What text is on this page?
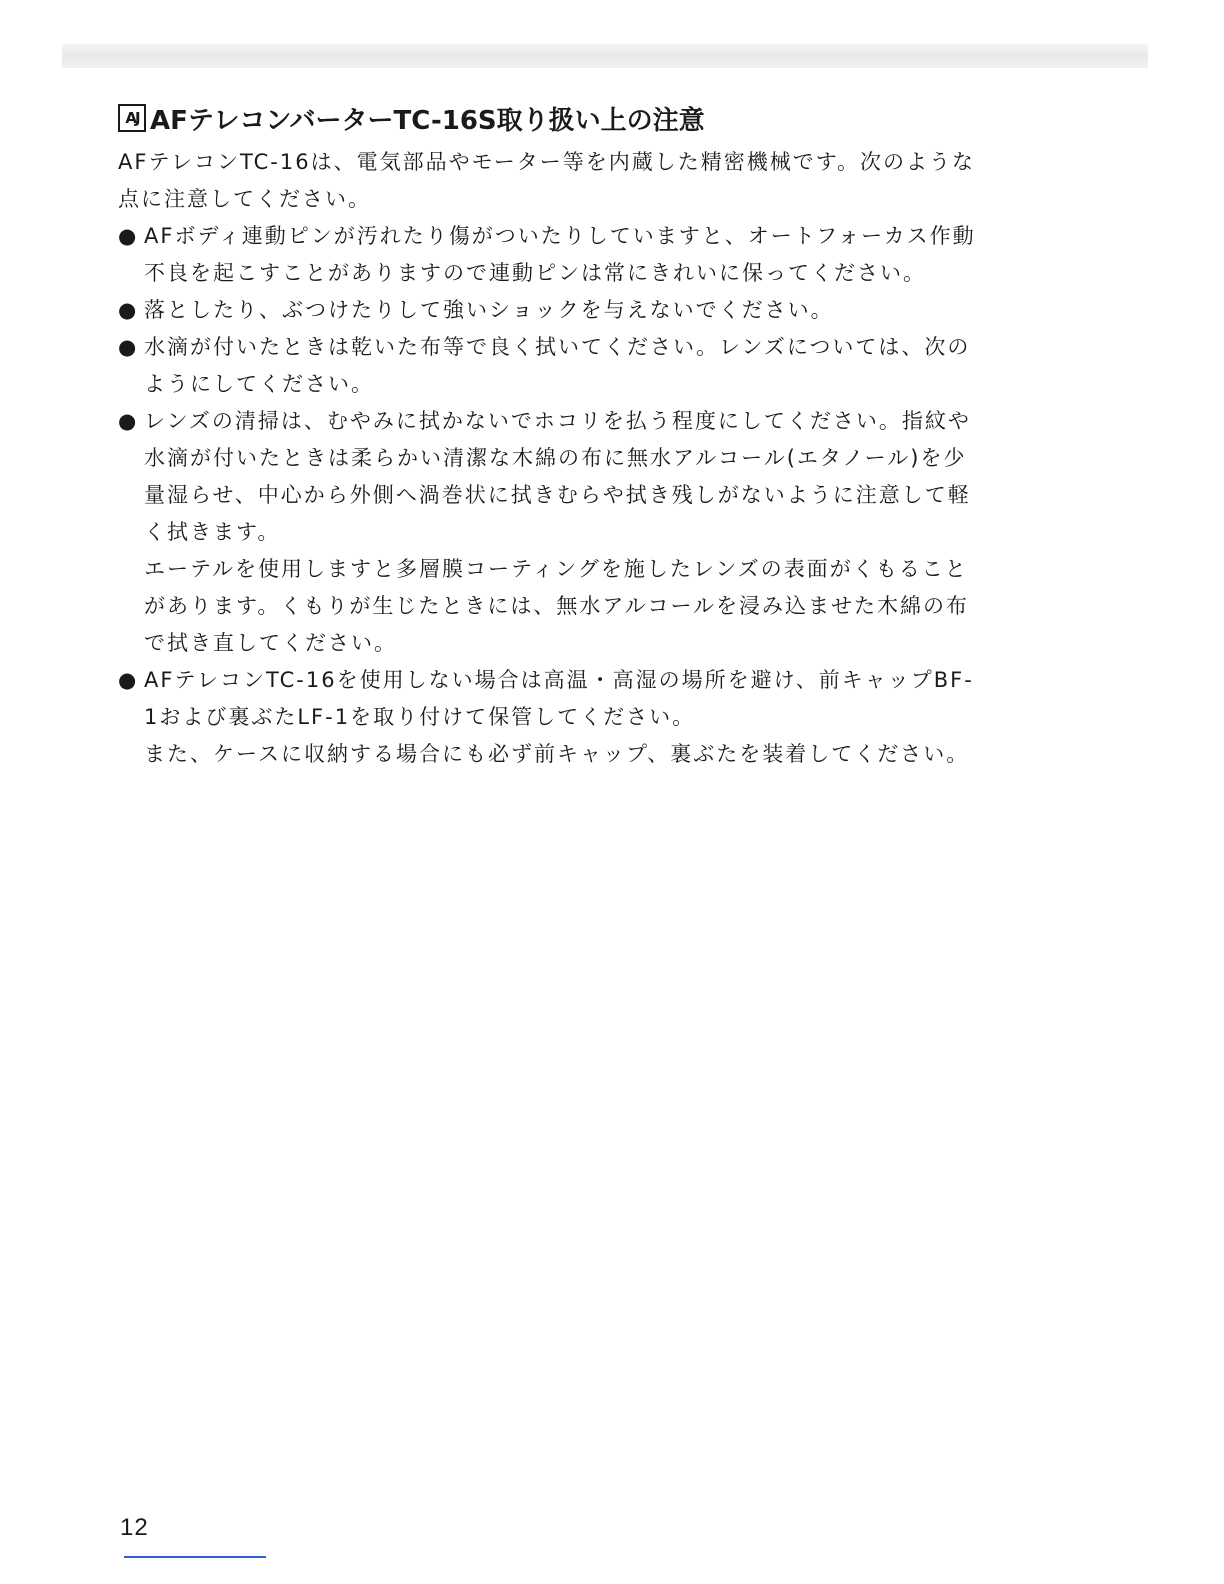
AJ AFテレコンバーターTC-16S取り扱い上の注意

AFテレコンTC-16は、電気部品やモーター等を内蔵した精密機械です。次のような

点に注意してください。

● AFボディ連動ピンが汚れたり傷がついたりしていますと、オートフォーカス作動

不良を起こすことがありますので連動ピンは常にきれいに保ってください。

● 落としたり、ぶつけたりして強いショックを与えないでください。

● 水滴が付いたときは乾いた布等で良く拭いてください。レンズについては、次の

ようにしてください。

● レンズの清掃は、むやみに拭かないでホコリを払う程度にしてください。指紋や

水滴が付いたときは柔らかい清潔な木綿の布に無水アルコール(エタノール)を少

量湿らせ、中心から外側へ渦巻状に拭きむらや拭き残しがないように注意して軽

く拭きます。

エーテルを使用しますと多層膜コーティングを施したレンズの表面がくもること

があります。くもりが生じたときには、無水アルコールを浸み込ませた木綿の布

で拭き直してください。

● AFテレコンTC-16を使用しない場合は高温・高湿の場所を避け、前キャップBF-

1および裏ぶたLF-1を取り付けて保管してください。

また、ケースに収納する場合にも必ず前キャップ、裏ぶたを装着してください。

12
